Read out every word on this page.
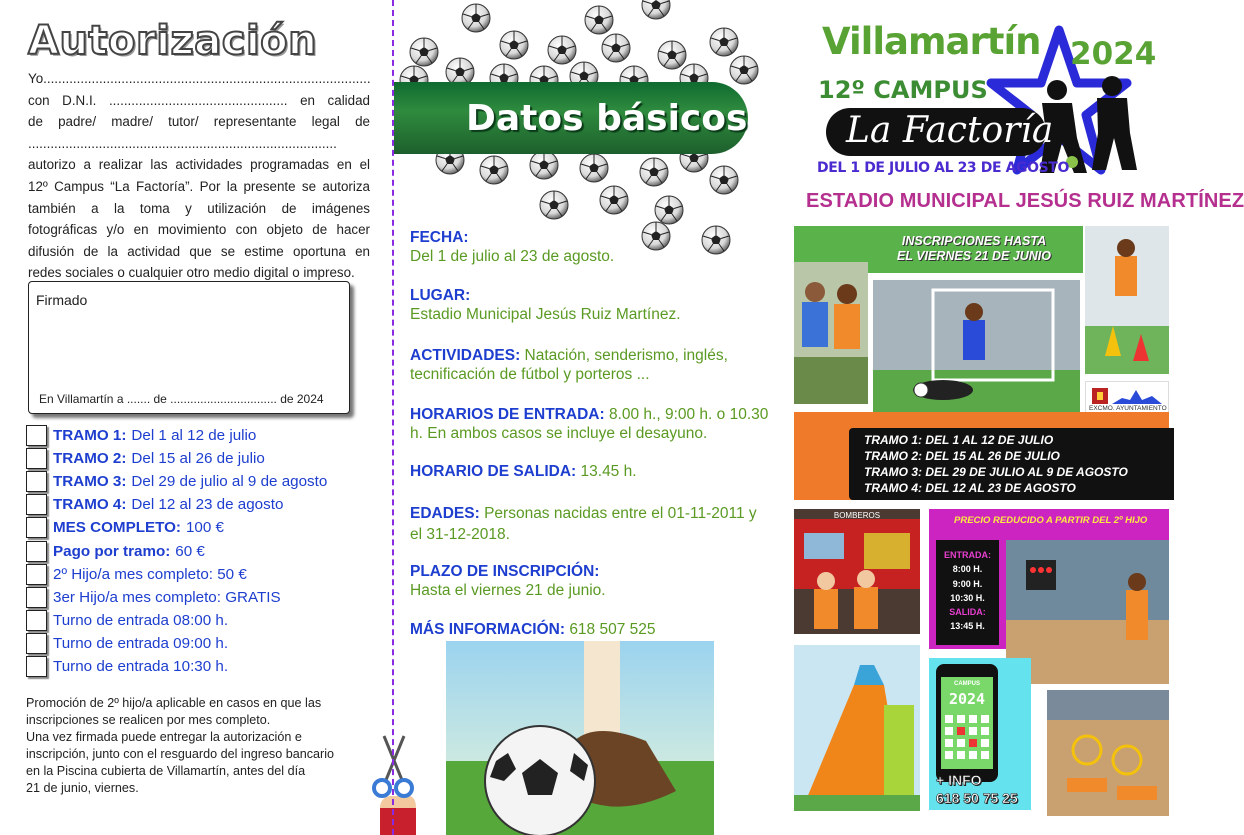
Autorización

Yo........................................................................................

con D.N.I. ................................................ en calidad

de padre/ madre/ tutor/ representante legal de

...................................................................................

autorizo a realizar las actividades programadas en el

12º Campus “La Factoría”. Por la presente se autoriza

también a la toma y utilización de imágenes

fotográficas y/o en movimiento con objeto de hacer

difusión de la actividad que se estime oportuna en

redes sociales o cualquier otro medio digital o impreso.

Firmado
En Villamartín a ....... de ................................ de 2024
TRAMO 1: Del 1 al 12 de julio
TRAMO 2: Del 15 al 26 de julio
TRAMO 3: Del 29 de julio al 9 de agosto
TRAMO 4: Del 12 al 23 de agosto
MES COMPLETO: 100 €
Pago por tramo: 60 €
2º Hijo/a mes completo: 50 €
3er Hijo/a mes completo: GRATIS
Turno de entrada 08:00 h.
Turno de entrada 09:00 h.
Turno de entrada 10:30 h.
Promoción de 2º hijo/a aplicable en casos en que las
inscripciones se realicen por mes completo.
Una vez firmada puede entregar la autorización e
inscripción, junto con el resguardo del ingreso bancario
en la Piscina cubierta de Villamartín, antes del día
21 de junio, viernes.
Datos básicos
FECHA:
Del 1 de julio al 23 de agosto.
LUGAR:
Estadio Municipal Jesús Ruiz Martínez.
ACTIVIDADES: Natación, senderismo, inglés, tecnificación de fútbol y porteros ...
HORARIOS DE ENTRADA: 8.00 h., 9:00 h. o 10.30 h. En ambos casos se incluye el desayuno.
HORARIO DE SALIDA: 13.45 h.
EDADES: Personas nacidas entre el 01-11-2011 y el 31-12-2018.
PLAZO DE INSCRIPCIÓN:
Hasta el viernes 21 de junio.
MÁS INFORMACIÓN: 618 507 525
Villamartín 2024
12º CAMPUS
La Factoría
DEL 1 DE JULIO AL 23 DE AGOSTO
ESTADIO MUNICIPAL JESÚS RUIZ MARTÍNEZ
INSCRIPCIONES HASTA
EL VIERNES 21 DE JUNIO
EXCMO. AYUNTAMIENTO
TRAMO 1: DEL 1 AL 12 DE JULIO
TRAMO 2: DEL 15 AL 26 DE JULIO
TRAMO 3: DEL 29 DE JULIO AL 9 DE AGOSTO
TRAMO 4: DEL 12 AL 23 DE AGOSTO
BOMBEROS	PRECIO REDUCIDO A PARTIR DEL 2º HIJO
ENTRADA:
8:00 H.
9:00 H.
10:30 H.
SALIDA:
13:45 H.
CAMPUS
2024
+ INFO
618 50 75 25
